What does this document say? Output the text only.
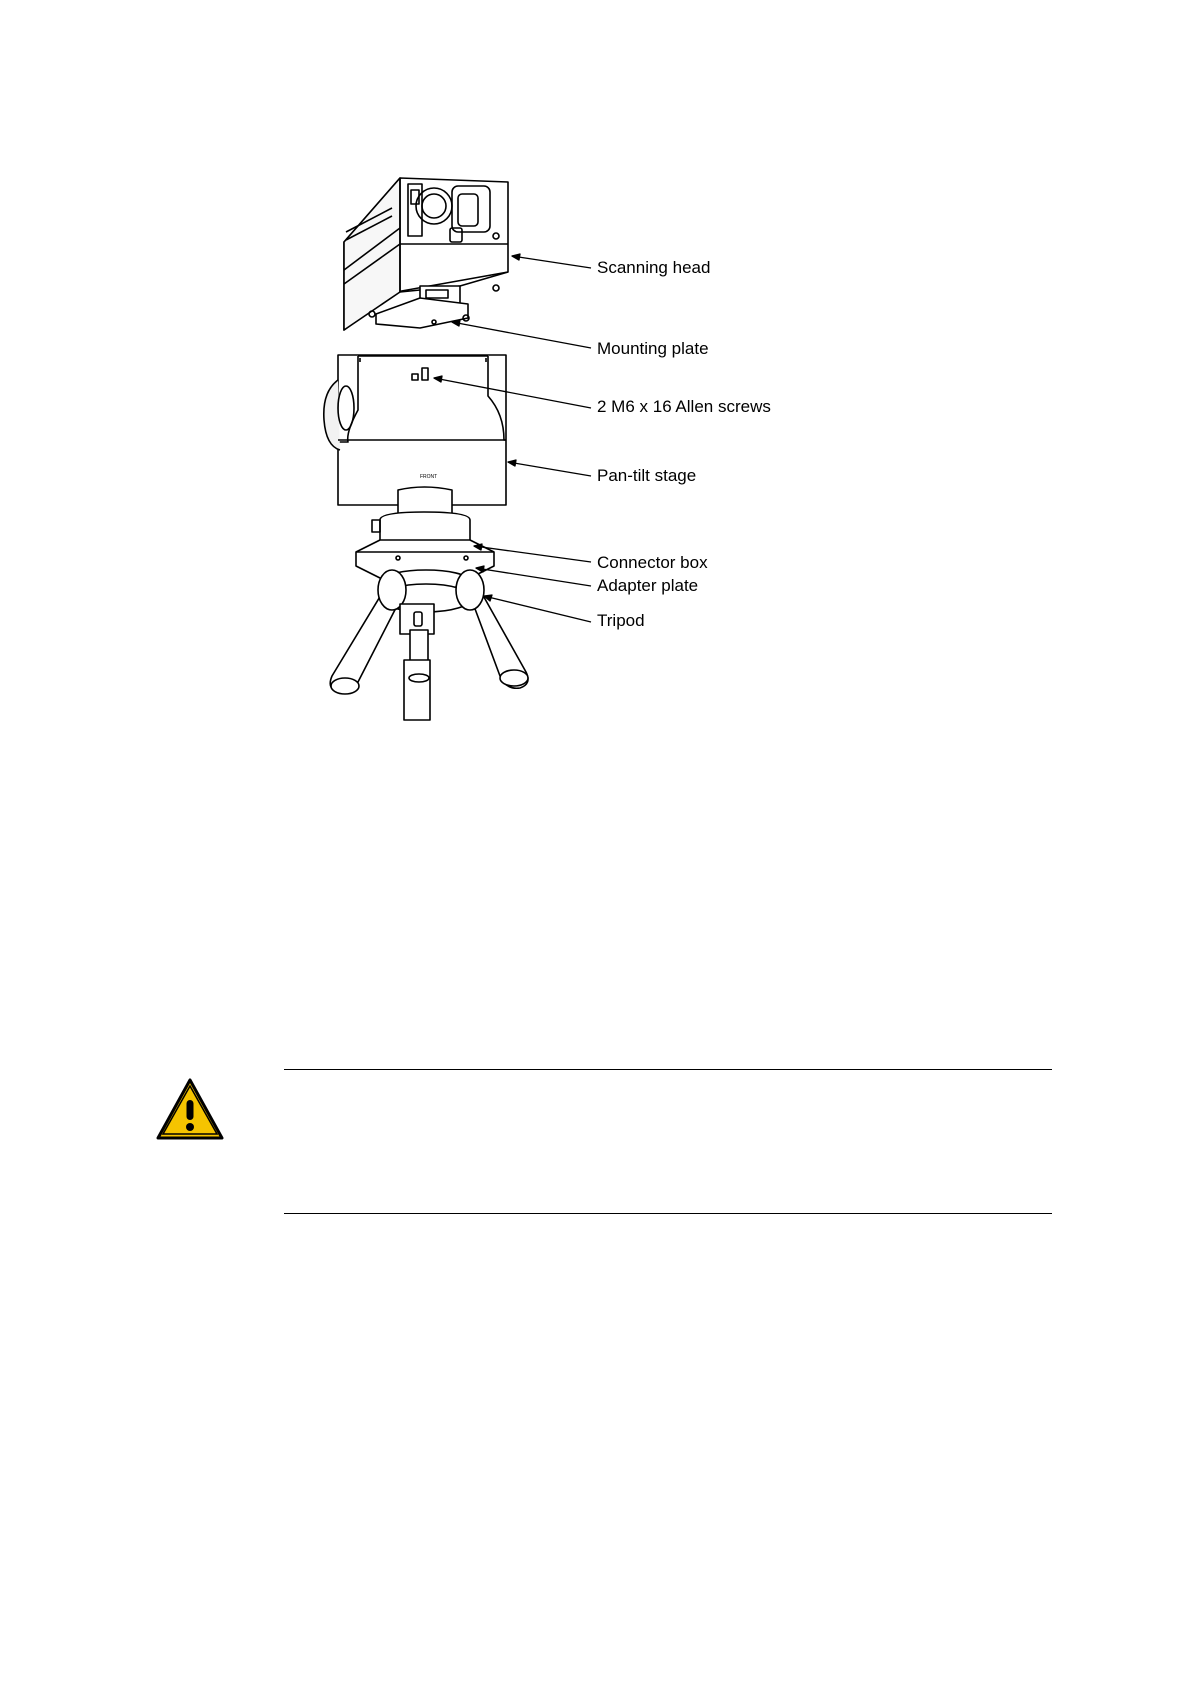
FRONT
Scanning head
Mounting plate
2 M6 x 16 Allen screws
Pan-tilt stage
Connector box
Adapter plate
Tripod
